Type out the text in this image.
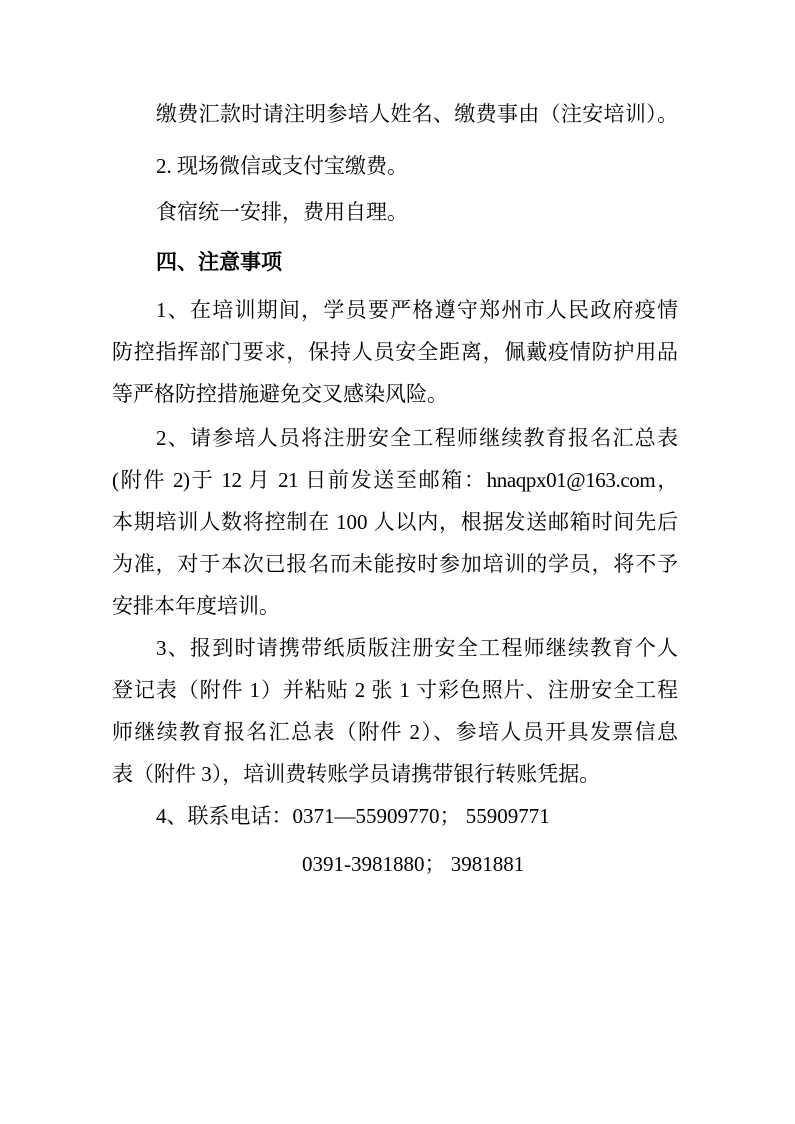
缴费汇款时请注明参培人姓名、缴费事由（注安培训）。
2. 现场微信或支付宝缴费。
食宿统一安排，费用自理。
四、注意事项
1、在培训期间，学员要严格遵守郑州市人民政府疫情
防控指挥部门要求，保持人员安全距离，佩戴疫情防护用品
等严格防控措施避免交叉感染风险。
2、请参培人员将注册安全工程师继续教育报名汇总表
(附件 2)于 12 月 21 日前发送至邮箱：hnaqpx01@163.com，
本期培训人数将控制在 100 人以内，根据发送邮箱时间先后
为准，对于本次已报名而未能按时参加培训的学员，将不予
安排本年度培训。
3、报到时请携带纸质版注册安全工程师继续教育个人
登记表（附件 1）并粘贴 2 张 1 寸彩色照片、注册安全工程
师继续教育报名汇总表（附件 2）、参培人员开具发票信息
表（附件 3），培训费转账学员请携带银行转账凭据。
4、联系电话：0371—55909770； 55909771
0391-3981880； 3981881
